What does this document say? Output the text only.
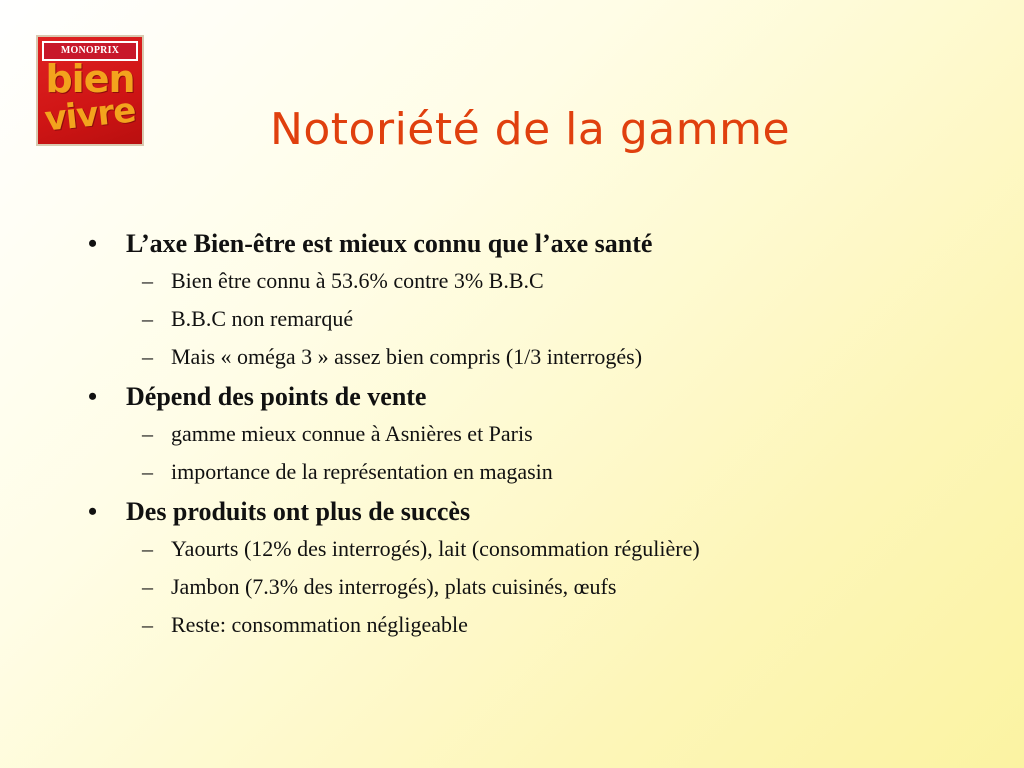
MONOPRIX
bien
vivre	Notoriété de la gamme

• L’axe Bien-être est mieux connu que l’axe santé

– Bien être connu à 53.6% contre 3% B.B.C
– B.B.C non remarqué
– Mais « oméga 3 » assez bien compris (1/3 interrogés)

• Dépend des points de vente

– gamme mieux connue à Asnières et Paris
– importance de la représentation en magasin

• Des produits ont plus de succès

– Yaourts (12% des interrogés), lait (consommation régulière)
– Jambon (7.3% des interrogés), plats cuisinés, œufs
– Reste: consommation négligeable
